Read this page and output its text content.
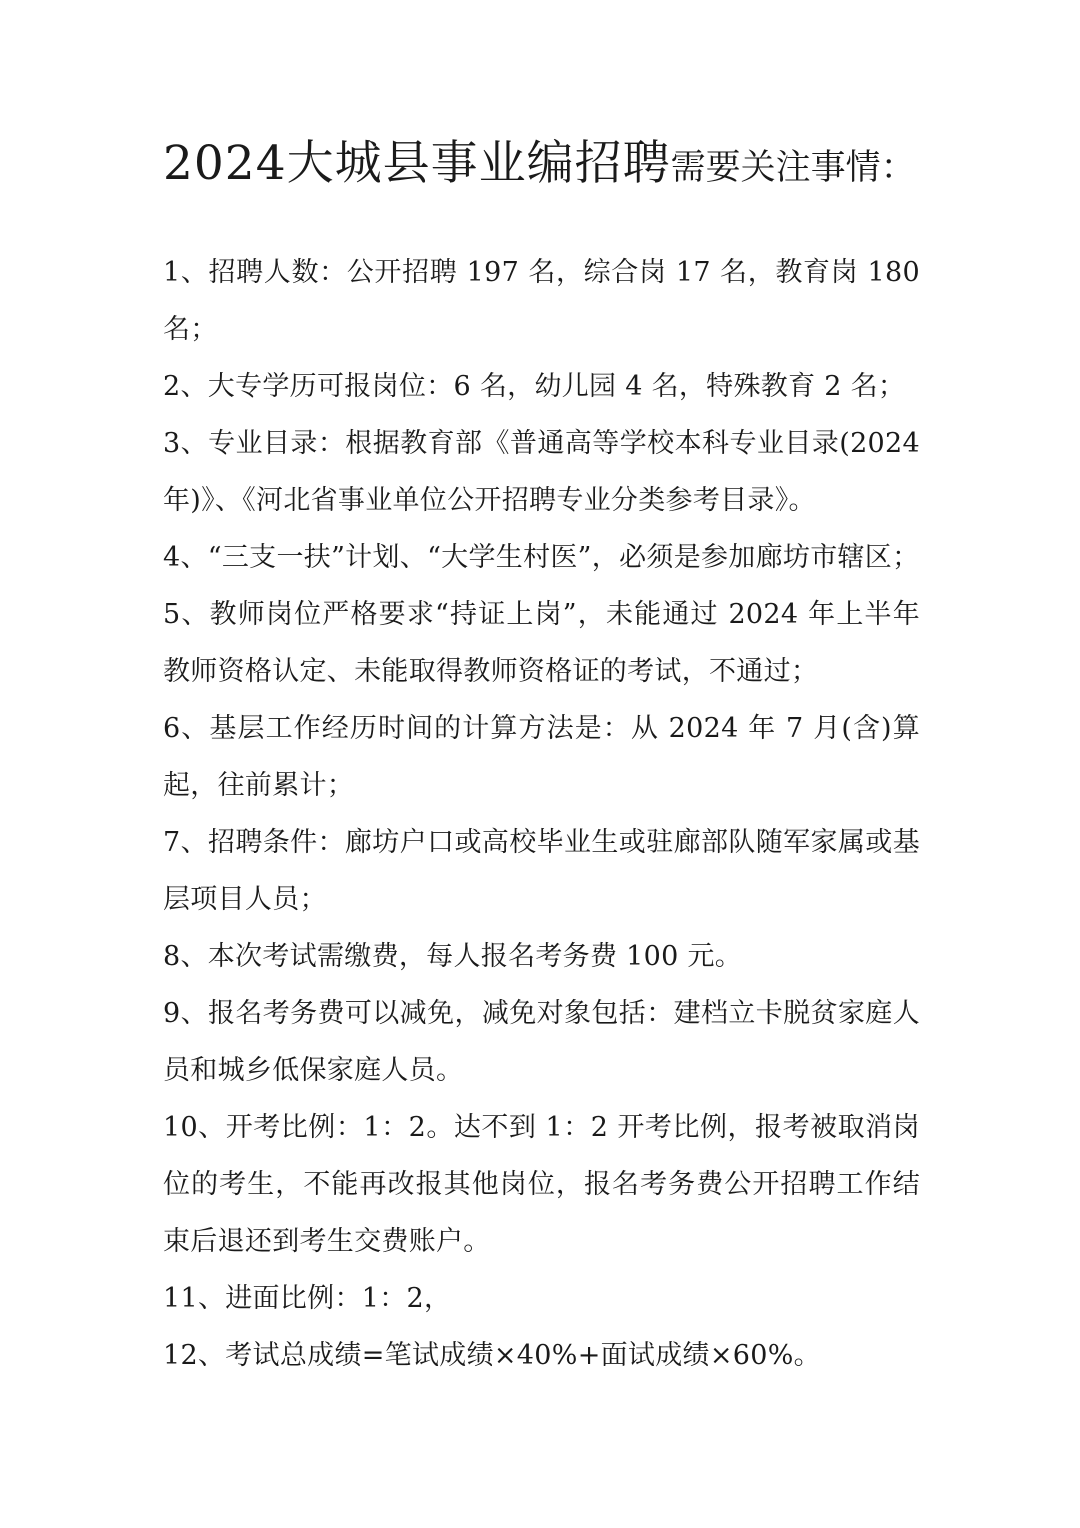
2024大城县事业编招聘需要关注事情：

1、招聘人数：公开招聘 197 名，综合岗 17 名，教育岗 180 名；

2、大专学历可报岗位：6 名，幼儿园 4 名，特殊教育 2 名；

3、专业目录：根据教育部《普通高等学校本科专业目录(2024年)》、《河北省事业单位公开招聘专业分类参考目录》。

4、“三支一扶”计划、“大学生村医”，必须是参加廊坊市辖区；

5、教师岗位严格要求“持证上岗”，未能通过 2024 年上半年教师资格认定、未能取得教师资格证的考试，不通过；

6、基层工作经历时间的计算方法是：从 2024 年 7 月(含)算起，往前累计；

7、招聘条件：廊坊户口或高校毕业生或驻廊部队随军家属或基层项目人员；

8、本次考试需缴费，每人报名考务费 100 元。

9、报名考务费可以减免，减免对象包括：建档立卡脱贫家庭人员和城乡低保家庭人员。

10、开考比例：1：2。达不到 1：2 开考比例，报考被取消岗位的考生，不能再改报其他岗位，报名考务费公开招聘工作结束后退还到考生交费账户。

11、进面比例：1：2，

12、考试总成绩=笔试成绩×40%+面试成绩×60%。
